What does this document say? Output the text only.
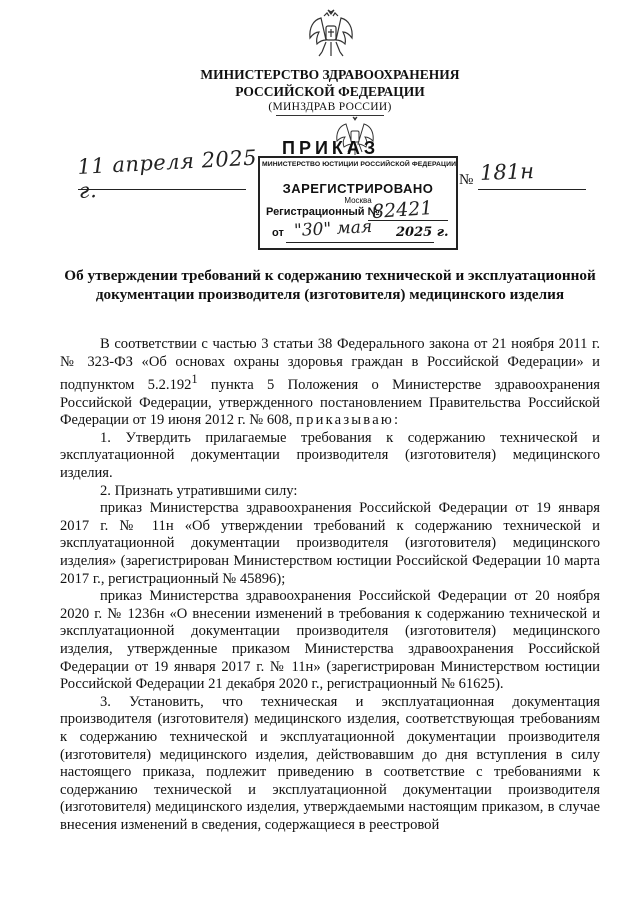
МИНИСТЕРСТВО ЗДРАВООХРАНЕНИЯ
РОССИЙСКОЙ ФЕДЕРАЦИИ
(МИНЗДРАВ РОССИИ)
11 апреля 2025 г.
ПРИКАЗ
МИНИСТЕРСТВО ЮСТИЦИИ РОССИЙСКОЙ ФЕДЕРАЦИИ
ЗАРЕГИСТРИРОВАНО
Москва
Регистрационный №
82421
от "30" мая 2025 г.
№ 181н
Об утверждении требований к содержанию технической и эксплуатационной
документации производителя (изготовителя) медицинского изделия

В соответствии с частью 3 статьи 38 Федерального закона от 21 ноября 2011 г. № 323-ФЗ «Об основах охраны здоровья граждан в Российской Федерации» и подпунктом 5.2.192$^1$ пункта 5 Положения о Министерстве здравоохранения Российской Федерации, утвержденного постановлением Правительства Российской Федерации от 19 июня 2012 г. № 608, приказываю:

1. Утвердить прилагаемые требования к содержанию технической и эксплуатационной документации производителя (изготовителя) медицинского изделия.

2. Признать утратившими силу:

приказ Министерства здравоохранения Российской Федерации от 19 января 2017 г. № 11н «Об утверждении требований к содержанию технической и эксплуатационной документации производителя (изготовителя) медицинского изделия» (зарегистрирован Министерством юстиции Российской Федерации 10 марта 2017 г., регистрационный № 45896);

приказ Министерства здравоохранения Российской Федерации от 20 ноября 2020 г. № 1236н «О внесении изменений в требования к содержанию технической и эксплуатационной документации производителя (изготовителя) медицинского изделия, утвержденные приказом Министерства здравоохранения Российской Федерации от 19 января 2017 г. № 11н» (зарегистрирован Министерством юстиции Российской Федерации 21 декабря 2020 г., регистрационный № 61625).

3. Установить, что техническая и эксплуатационная документация производителя (изготовителя) медицинского изделия, соответствующая требованиям к содержанию технической и эксплуатационной документации производителя (изготовителя) медицинского изделия, действовавшим до дня вступления в силу настоящего приказа, подлежит приведению в соответствие с требованиями к содержанию технической и эксплуатационной документации производителя (изготовителя) медицинского изделия, утверждаемыми настоящим приказом, в случае внесения изменений в сведения, содержащиеся в реестровой
